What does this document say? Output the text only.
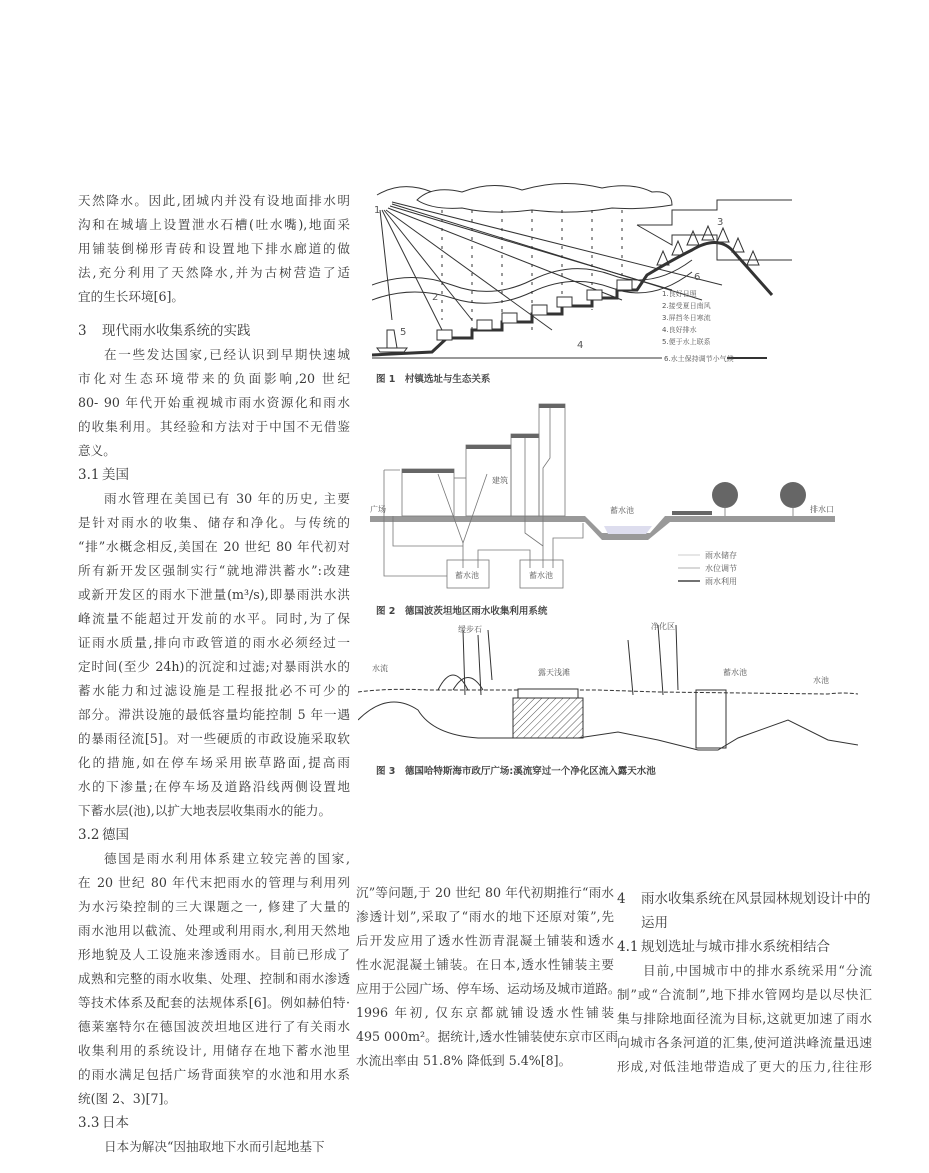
天然降水。因此,团城内并没有设地面排水明
沟和在城墙上设置泄水石槽(吐水嘴),地面采
用铺装倒梯形青砖和设置地下排水廊道的做
法,充分利用了天然降水,并为古树营造了适
宜的生长环境[6]。
3 现代雨水收集系统的实践
在一些发达国家,已经认识到早期快速城
市化对生态环境带来的负面影响,20 世纪
80- 90 年代开始重视城市雨水资源化和雨水
的收集利用。其经验和方法对于中国不无借鉴
意义。
3.1 美国
雨水管理在美国已有 30 年的历史, 主要
是针对雨水的收集、储存和净化。与传统的
“排”水概念相反,美国在 20 世纪 80 年代初对
所有新开发区强制实行“就地滞洪蓄水”:改建
或新开发区的雨水下泄量(m³/s),即暴雨洪水洪
峰流量不能超过开发前的水平。同时,为了保
证雨水质量,排向市政管道的雨水必须经过一
定时间(至少 24h)的沉淀和过滤;对暴雨洪水的
蓄水能力和过滤设施是工程报批必不可少的
部分。滞洪设施的最低容量均能控制 5 年一遇
的暴雨径流[5]。对一些硬质的市政设施采取软
化的措施,如在停车场采用嵌草路面,提高雨
水的下渗量;在停车场及道路沿线两侧设置地
下蓄水层(池),以扩大地表层收集雨水的能力。
3.2 德国
德国是雨水利用体系建立较完善的国家,
在 20 世纪 80 年代末把雨水的管理与利用列
为水污染控制的三大课题之一, 修建了大量的
雨水池用以截流、处理或利用雨水,利用天然地
形地貌及人工设施来渗透雨水。目前已形成了
成熟和完整的雨水收集、处理、控制和雨水渗透
等技术体系及配套的法规体系[6]。例如赫伯特·
德莱塞特尔在德国波茨坦地区进行了有关雨水
收集利用的系统设计, 用储存在地下蓄水池里
的雨水满足包括广场背面狭窄的水池和用水系
统(图 2、3)[7]。
3.3 日本
日本为解决“因抽取地下水而引起地基下
沉”等问题,于 20 世纪 80 年代初期推行“雨水
渗透计划”,采取了“雨水的地下还原对策”,先
后开发应用了透水性沥青混凝土铺装和透水
性水泥混凝土铺装。在日本,透水性铺装主要
应用于公园广场、停车场、运动场及城市道路。
1996 年初, 仅东京都就铺设透水性铺装
495 000m²。据统计,透水性铺装使东京市区雨
水流出率由 51.8% 降低到 5.4%[8]。
4 雨水收集系统在风景园林规划设计中的
运用
4.1 规划选址与城市排水系统相结合
目前,中国城市中的排水系统采用“分流
制”或“合流制”,地下排水管网均是以尽快汇
集与排除地面径流为目标,这就更加速了雨水
向城市各条河道的汇集,使河道洪峰流量迅速
形成,对低洼地带造成了更大的压力,往往形
1
2
3
4
5
6
1.良好日照
2.接受夏日南风
3.屏挡冬日寒流
4.良好排水
5.便于水上联系
6.水土保持调节小气候
图 1　村镇选址与生态关系
广场
建筑
蓄水池
蓄水池	蓄水池
排水口
雨水储存
水位调节
雨水利用
图 2　德国波茨坦地区雨水收集利用系统
水流
缓步石
露天浅滩
净化区
蓄水池
水池
图 3　德国哈特斯海市政厅广场:溪流穿过一个净化区流入露天水池
